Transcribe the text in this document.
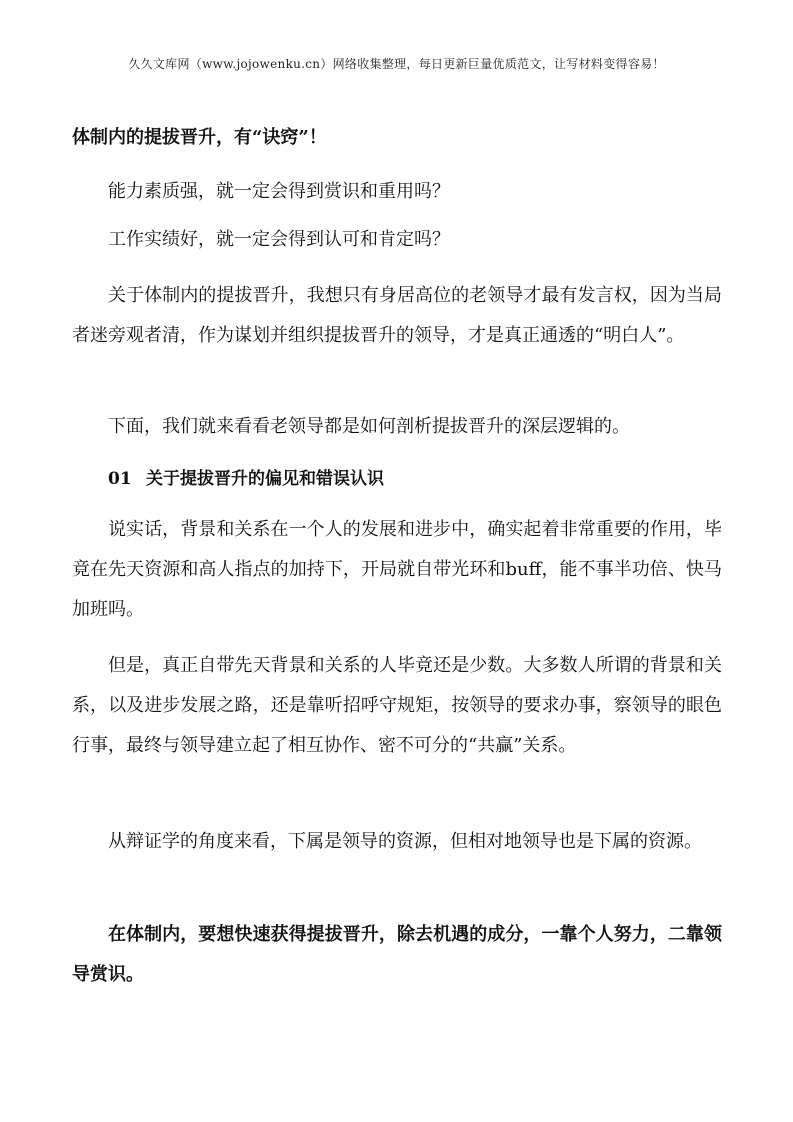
久久文库网（www.jojowenku.cn）网络收集整理，每日更新巨量优质范文，让写材料变得容易！
体制内的提拔晋升，有“诀窍”！

能力素质强，就一定会得到赏识和重用吗？

工作实绩好，就一定会得到认可和肯定吗？

关于体制内的提拔晋升，我想只有身居高位的老领导才最有发言权，因为当局者迷旁观者清，作为谋划并组织提拔晋升的领导，才是真正通透的“明白人”。

下面，我们就来看看老领导都是如何剖析提拔晋升的深层逻辑的。

01 关于提拔晋升的偏见和错误认识

说实话，背景和关系在一个人的发展和进步中，确实起着非常重要的作用，毕竟在先天资源和高人指点的加持下，开局就自带光环和buff，能不事半功倍、快马加班吗。

但是，真正自带先天背景和关系的人毕竟还是少数。大多数人所谓的背景和关系，以及进步发展之路，还是靠听招呼守规矩，按领导的要求办事，察领导的眼色行事，最终与领导建立起了相互协作、密不可分的“共赢”关系。

从辩证学的角度来看，下属是领导的资源，但相对地领导也是下属的资源。

在体制内，要想快速获得提拔晋升，除去机遇的成分，一靠个人努力，二靠领导赏识。
